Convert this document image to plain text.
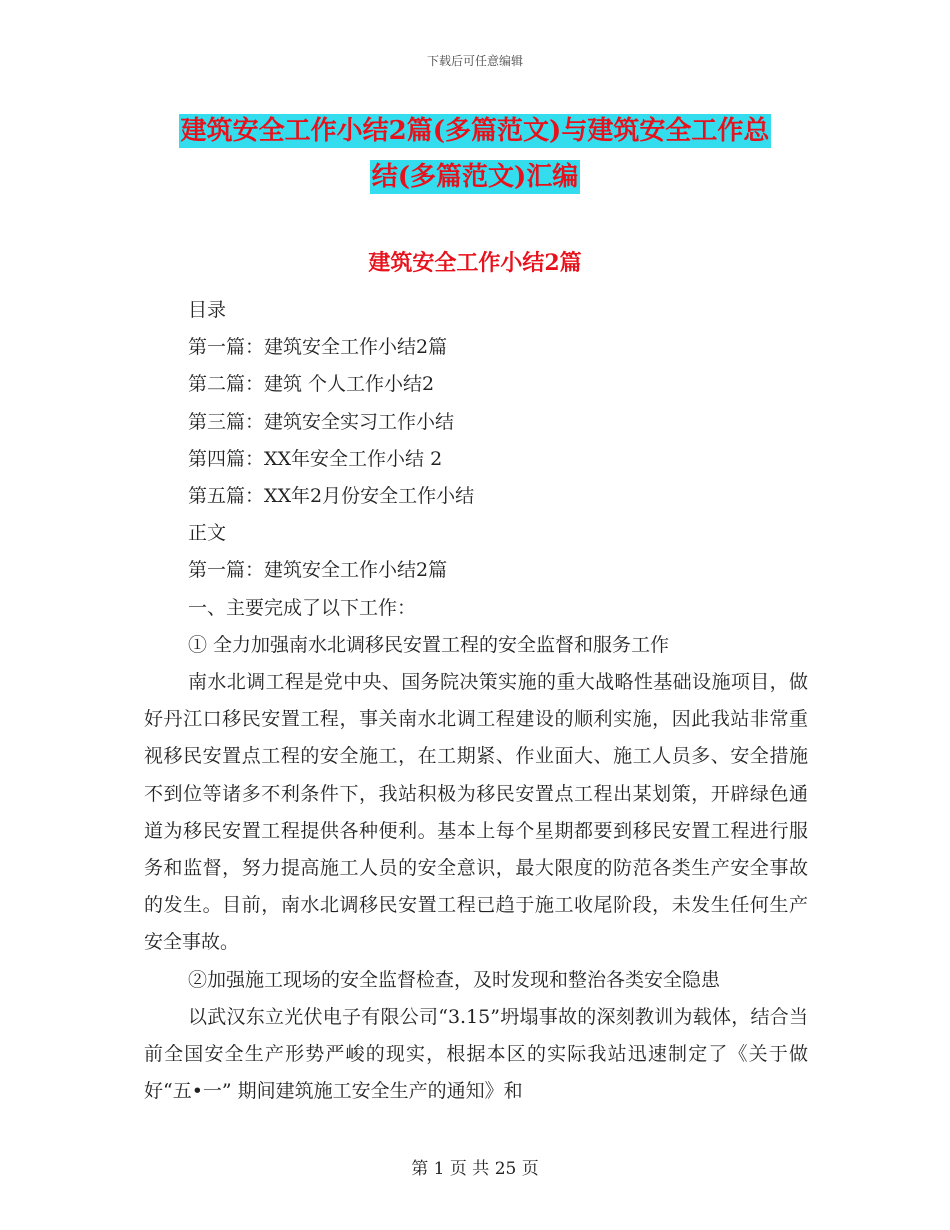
下载后可任意编辑
建筑安全工作小结2篇(多篇范文)与建筑安全工作总
结(多篇范文)汇编
建筑安全工作小结2篇
目录
第一篇：建筑安全工作小结2篇
第二篇：建筑 个人工作小结2
第三篇：建筑安全实习工作小结
第四篇：XX年安全工作小结 2
第五篇：XX年2月份安全工作小结
正文
第一篇：建筑安全工作小结2篇
一、主要完成了以下工作：
① 全力加强南水北调移民安置工程的安全监督和服务工作
南水北调工程是党中央、国务院决策实施的重大战略性基础设施项目，做好丹江口移民安置工程，事关南水北调工程建设的顺利实施，因此我站非常重视移民安置点工程的安全施工，在工期紧、作业面大、施工人员多、安全措施不到位等诸多不利条件下，我站积极为移民安置点工程出某划策，开辟绿色通道为移民安置工程提供各种便利。基本上每个星期都要到移民安置工程进行服务和监督，努力提高施工人员的安全意识，最大限度的防范各类生产安全事故的发生。目前，南水北调移民安置工程已趋于施工收尾阶段，未发生任何生产安全事故。
②加强施工现场的安全监督检查，及时发现和整治各类安全隐患
以武汉东立光伏电子有限公司“3.15”坍塌事故的深刻教训为载体，结合当前全国安全生产形势严峻的现实，根据本区的实际我站迅速制定了《关于做好“五•一” 期间建筑施工安全生产的通知》和
第 1 页 共 25 页
